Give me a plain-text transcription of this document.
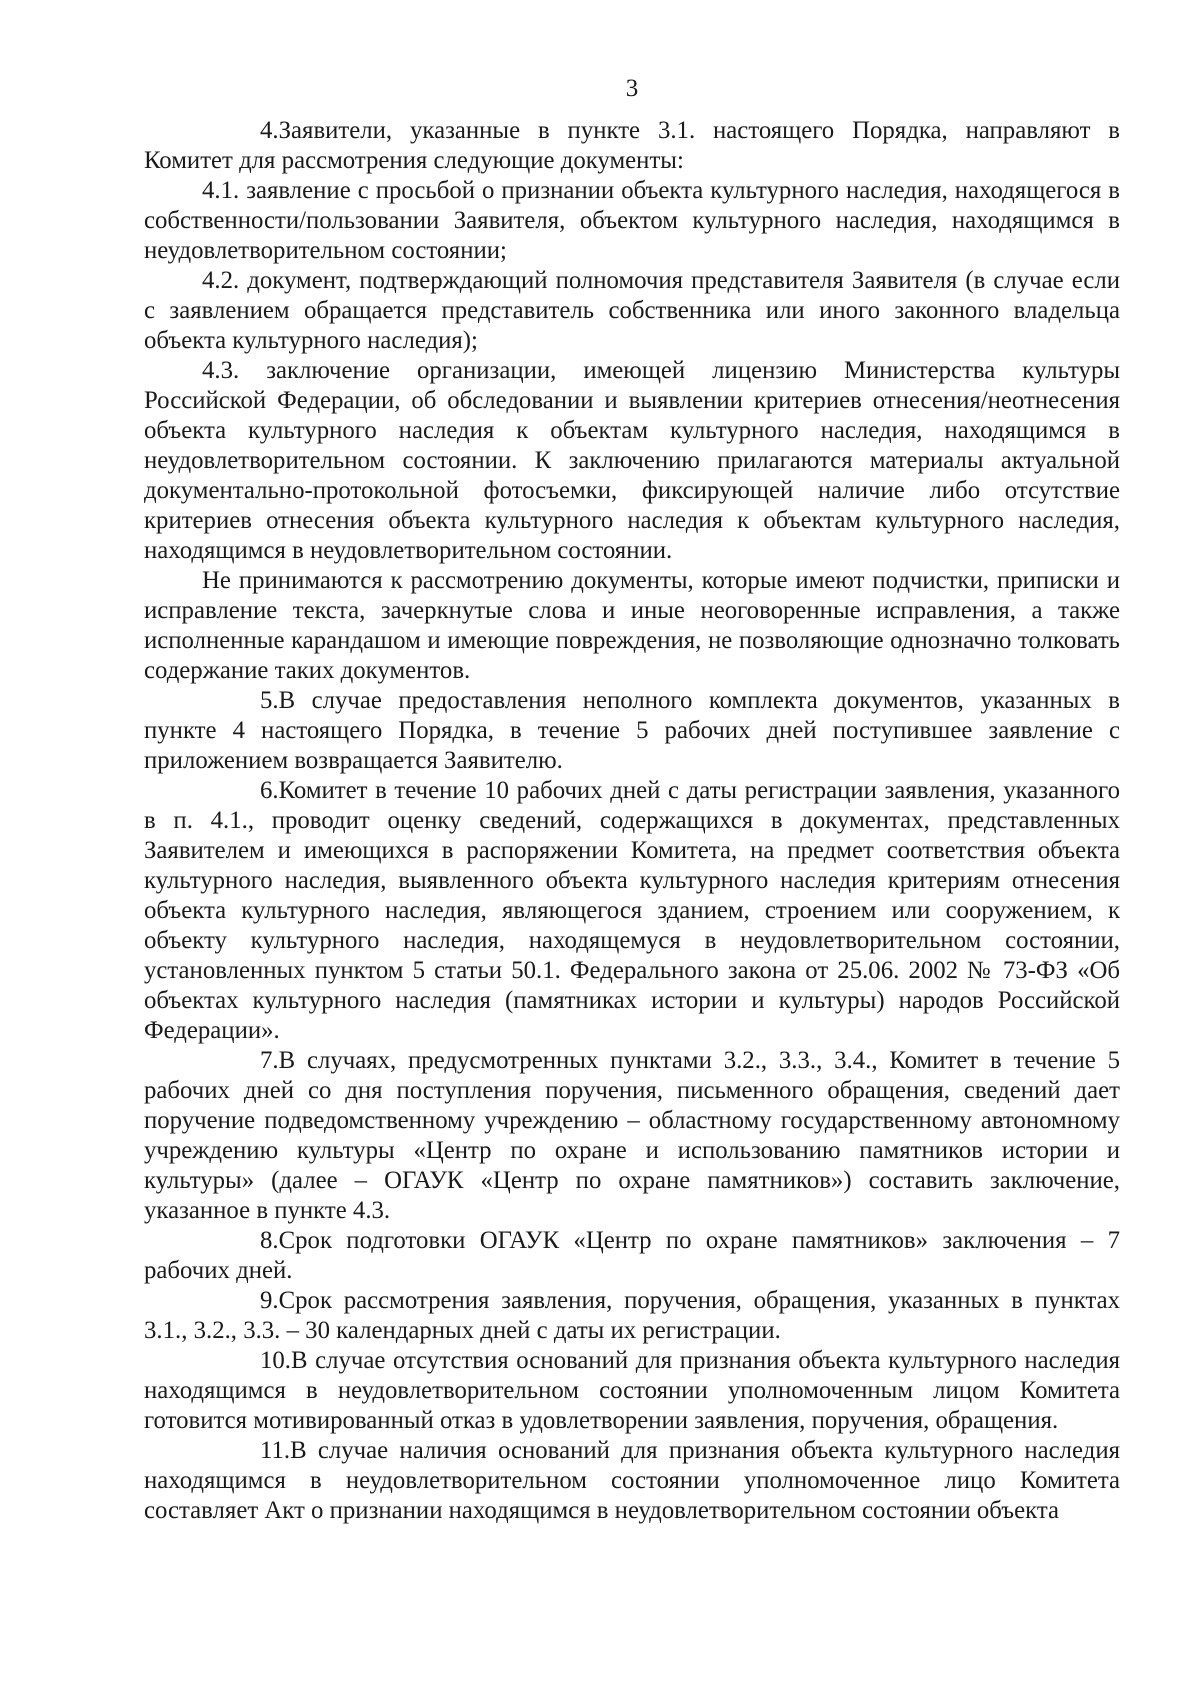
3

4.Заявители, указанные в пункте 3.1. настоящего Порядка, направляют в Комитет для рассмотрения следующие документы:

4.1. заявление с просьбой о признании объекта культурного наследия, находящегося в собственности/пользовании Заявителя, объектом культурного наследия, находящимся в неудовлетворительном состоянии;

4.2. документ, подтверждающий полномочия представителя Заявителя (в случае если с заявлением обращается представитель собственника или иного законного владельца объекта культурного наследия);

4.3. заключение организации, имеющей лицензию Министерства культуры Российской Федерации, об обследовании и выявлении критериев отнесения/неотнесения объекта культурного наследия к объектам культурного наследия, находящимся в неудовлетворительном состоянии. К заключению прилагаются материалы актуальной документально-протокольной фотосъемки, фиксирующей наличие либо отсутствие критериев отнесения объекта культурного наследия к объектам культурного наследия, находящимся в неудовлетворительном состоянии.

Не принимаются к рассмотрению документы, которые имеют подчистки, приписки и исправление текста, зачеркнутые слова и иные неоговоренные исправления, а также исполненные карандашом и имеющие повреждения, не позволяющие однозначно толковать содержание таких документов.

5.В случае предоставления неполного комплекта документов, указанных в пункте 4 настоящего Порядка, в течение 5 рабочих дней поступившее заявление с приложением возвращается Заявителю.

6.Комитет в течение 10 рабочих дней с даты регистрации заявления, указанного в п. 4.1., проводит оценку сведений, содержащихся в документах, представленных Заявителем и имеющихся в распоряжении Комитета, на предмет соответствия объекта культурного наследия, выявленного объекта культурного наследия критериям отнесения объекта культурного наследия, являющегося зданием, строением или сооружением, к объекту культурного наследия, находящемуся в неудовлетворительном состоянии, установленных пунктом 5 статьи 50.1. Федерального закона от 25.06. 2002 № 73-ФЗ «Об объектах культурного наследия (памятниках истории и культуры) народов Российской Федерации».

7.В случаях, предусмотренных пунктами 3.2., 3.3., 3.4., Комитет в течение 5 рабочих дней со дня поступления поручения, письменного обращения, сведений дает поручение подведомственному учреждению – областному государственному автономному учреждению культуры «Центр по охране и использованию памятников истории и культуры» (далее – ОГАУК «Центр по охране памятников») составить заключение, указанное в пункте 4.3.

8.Срок подготовки ОГАУК «Центр по охране памятников» заключения – 7 рабочих дней.

9.Срок рассмотрения заявления, поручения, обращения, указанных в пунктах 3.1., 3.2., 3.3. – 30 календарных дней с даты их регистрации.

10.В случае отсутствия оснований для признания объекта культурного наследия находящимся в неудовлетворительном состоянии уполномоченным лицом Комитета готовится мотивированный отказ в удовлетворении заявления, поручения, обращения.

11.В случае наличия оснований для признания объекта культурного наследия находящимся в неудовлетворительном состоянии уполномоченное лицо Комитета составляет Акт о признании находящимся в неудовлетворительном состоянии объекта
